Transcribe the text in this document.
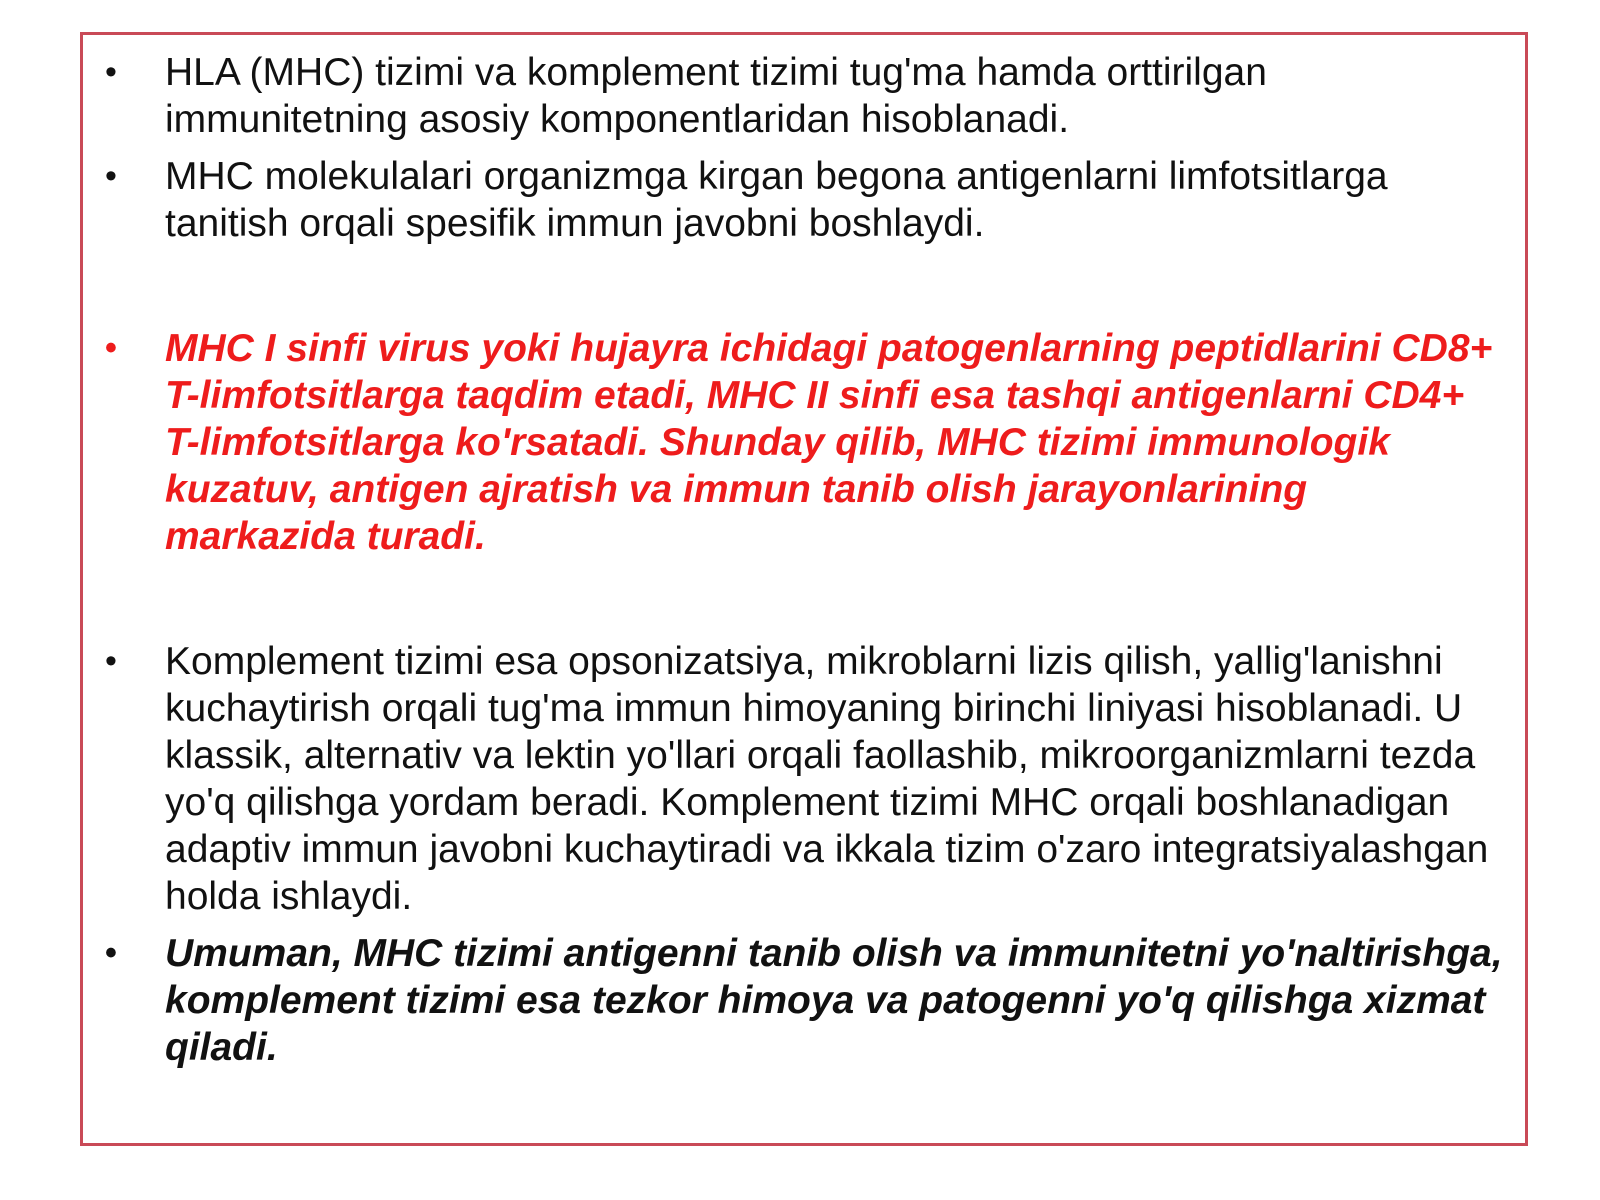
•	HLA (MHC) tizimi va komplement tizimi tug'ma hamda orttirilgan immunitetning asosiy komponentlaridan hisoblanadi.
•	MHC molekulalari organizmga kirgan begona antigenlarni limfotsitlarga tanitish orqali spesifik immun javobni boshlaydi.
•	MHC I sinfi virus yoki hujayra ichidagi patogenlarning peptidlarini CD8+ T-limfotsitlarga taqdim etadi, MHC II sinfi esa tashqi antigenlarni CD4+ T-limfotsitlarga ko'rsatadi. Shunday qilib, MHC tizimi immunologik kuzatuv, antigen ajratish va immun tanib olish jarayonlarining markazida turadi.
•	Komplement tizimi esa opsonizatsiya, mikroblarni lizis qilish, yallig'lanishni kuchaytirish orqali tug'ma immun himoyaning birinchi liniyasi hisoblanadi. U klassik, alternativ va lektin yo'llari orqali faollashib, mikroorganizmlarni tezda yo'q qilishga yordam beradi. Komplement tizimi MHC orqali boshlanadigan adaptiv immun javobni kuchaytiradi va ikkala tizim o'zaro integratsiyalashgan holda ishlaydi.
•	Umuman, MHC tizimi antigenni tanib olish va immunitetni yo'naltirishga, komplement tizimi esa tezkor himoya va patogenni yo'q qilishga xizmat qiladi.
